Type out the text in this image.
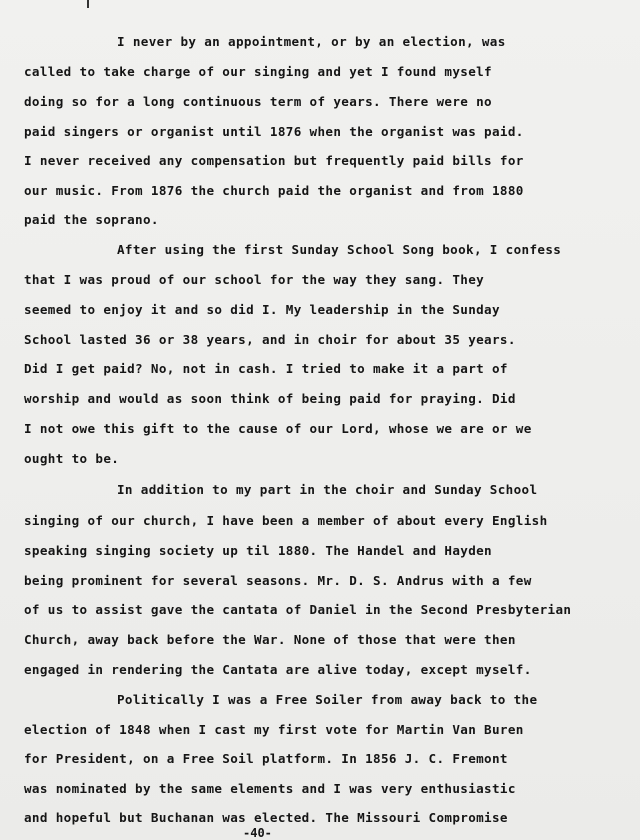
I never by an appointment, or by an election, was
called to take charge of our singing and yet I found myself
doing so for a long continuous term of years. There were no
paid singers or organist until 1876 when the organist was paid.
I never received any compensation but frequently paid bills for
our music. From 1876 the church paid the organist and from 1880
paid the soprano.
After using the first Sunday School Song book, I confess
that I was proud of our school for the way they sang. They
seemed to enjoy it and so did I. My leadership in the Sunday
School lasted 36 or 38 years, and in choir for about 35 years.
Did I get paid? No, not in cash. I tried to make it a part of
worship and would as soon think of being paid for praying. Did
I not owe this gift to the cause of our Lord, whose we are or we
ought to be.
In addition to my part in the choir and Sunday School
singing of our church, I have been a member of about every English
speaking singing society up til 1880. The Handel and Hayden
being prominent for several seasons. Mr. D. S. Andrus with a few
of us to assist gave the cantata of Daniel in the Second Presbyterian
Church, away back before the War. None of those that were then
engaged in rendering the Cantata are alive today, except myself.
Politically I was a Free Soiler from away back to the
election of 1848 when I cast my first vote for Martin Van Buren
for President, on a Free Soil platform. In 1856 J. C. Fremont
was nominated by the same elements and I was very enthusiastic
and hopeful but Buchanan was elected. The Missouri Compromise
-40-
